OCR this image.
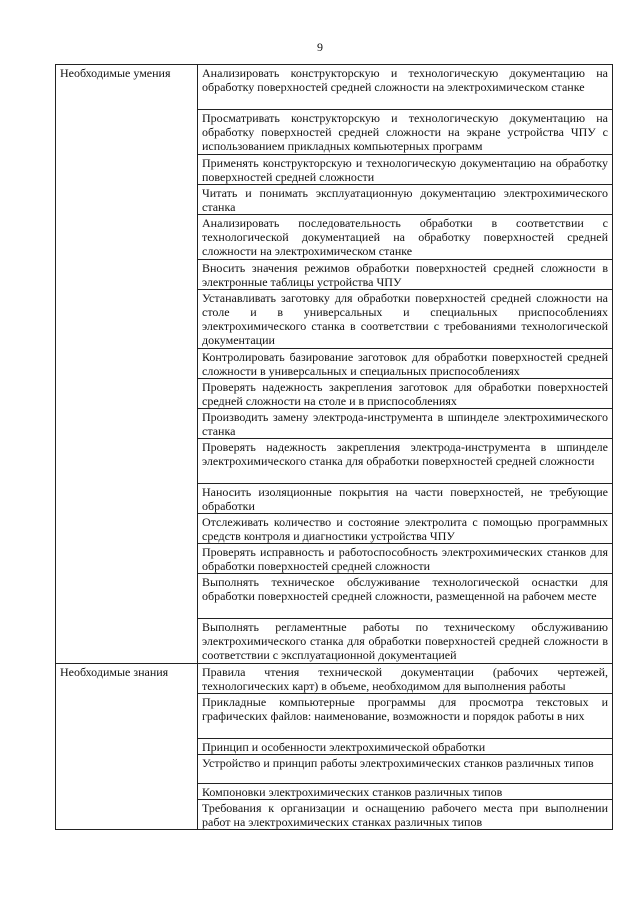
9
Необходимые умения	Анализировать конструкторскую и технологическую документацию на обработку поверхностей средней сложности на электрохимическом станке
	Просматривать конструкторскую и технологическую документацию на обработку поверхностей средней сложности на экране устройства ЧПУ с использованием прикладных компьютерных программ
	Применять конструкторскую и технологическую документацию на обработку поверхностей средней сложности
	Читать и понимать эксплуатационную документацию электрохимического станка
	Анализировать последовательность обработки в соответствии с технологической документацией на обработку поверхностей средней сложности на электрохимическом станке
	Вносить значения режимов обработки поверхностей средней сложности в электронные таблицы устройства ЧПУ
	Устанавливать заготовку для обработки поверхностей средней сложности на столе и в универсальных и специальных приспособлениях электрохимического станка в соответствии с требованиями технологической документации
	Контролировать базирование заготовок для обработки поверхностей средней сложности в универсальных и специальных приспособлениях
	Проверять надежность закрепления заготовок для обработки поверхностей средней сложности на столе и в приспособлениях
	Производить замену электрода-инструмента в шпинделе электрохимического станка
	Проверять надежность закрепления электрода-инструмента в шпинделе электрохимического станка для обработки поверхностей средней сложности
	Наносить изоляционные покрытия на части поверхностей, не требующие обработки
	Отслеживать количество и состояние электролита с помощью программных средств контроля и диагностики устройства ЧПУ
	Проверять исправность и работоспособность электрохимических станков для обработки поверхностей средней сложности
	Выполнять техническое обслуживание технологической оснастки для обработки поверхностей средней сложности, размещенной на рабочем месте
	Выполнять регламентные работы по техническому обслуживанию электрохимического станка для обработки поверхностей средней сложности в соответствии с эксплуатационной документацией
Необходимые знания	Правила чтения технической документации (рабочих чертежей, технологических карт) в объеме, необходимом для выполнения работы
	Прикладные компьютерные программы для просмотра текстовых и графических файлов: наименование, возможности и порядок работы в них
	Принцип и особенности электрохимической обработки
	Устройство и принцип работы электрохимических станков различных типов
	Компоновки электрохимических станков различных типов
	Требования к организации и оснащению рабочего места при выполнении работ на электрохимических станках различных типов
